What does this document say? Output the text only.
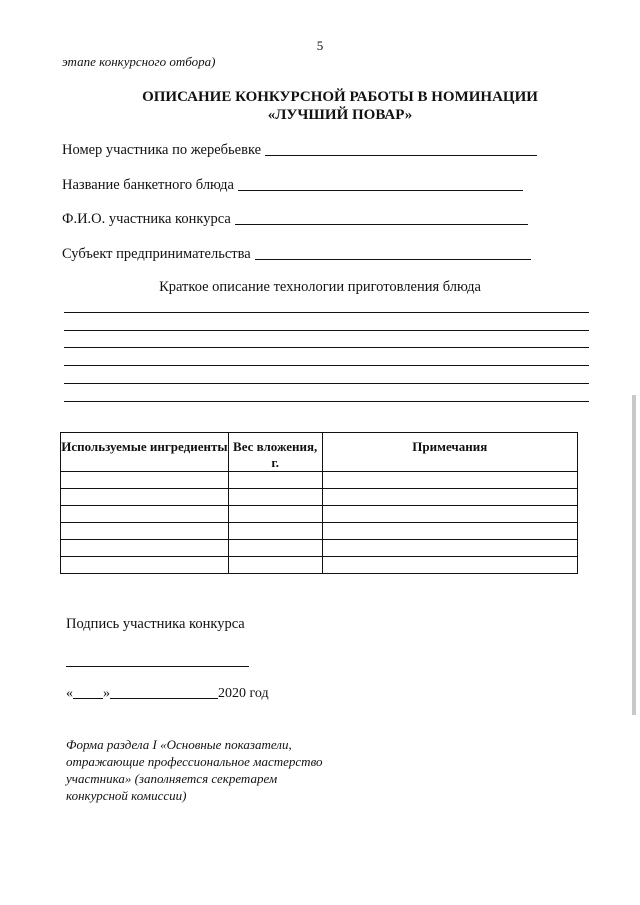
5
этапе конкурсного отбора)
ОПИСАНИЕ КОНКУРСНОЙ РАБОТЫ В НОМИНАЦИИ
«ЛУЧШИЙ ПОВАР»
Номер участника по жеребьевке
Название банкетного блюда
Ф.И.О. участника конкурса
Субъект предпринимательства
Краткое описание технологии приготовления блюда
Используемые ингредиенты	Вес вложения, г.	Примечания

Подпись участника конкурса
« »	2020 год
Форма раздела I «Основные показатели, отражающие профессиональное мастерство участника» (заполняется секретарем конкурсной комиссии)
